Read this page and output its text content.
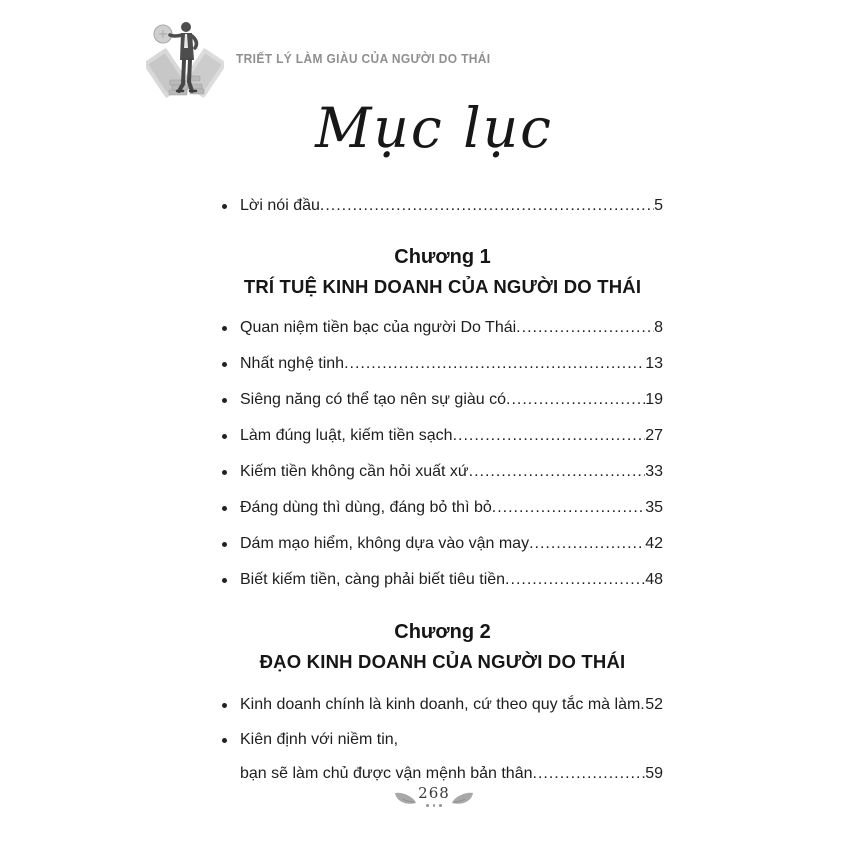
TRIẾT LÝ LÀM GIÀU CỦA NGƯỜI DO THÁI
Mục lục
Lời nói đầu .....	5
Chương 1
TRÍ TUỆ KINH DOANH CỦA NGƯỜI DO THÁI
Quan niệm tiền bạc của người Do Thái .....	8
Nhất nghệ tinh .....	13
Siêng năng có thể tạo nên sự giàu có .....	19
Làm đúng luật, kiếm tiền sạch .....	27
Kiếm tiền không cần hỏi xuất xứ .....	33
Đáng dùng thì dùng, đáng bỏ thì bỏ .....	35
Dám mạo hiểm, không dựa vào vận may .....	42
Biết kiếm tiền, càng phải biết tiêu tiền .....	48
Chương 2
ĐẠO KINH DOANH CỦA NGƯỜI DO THÁI
Kinh doanh chính là kinh doanh, cứ theo quy tắc mà làm ..... 52
Kiên định với niềm tin,
bạn sẽ làm chủ được vận mệnh bản thân .....	59
268
